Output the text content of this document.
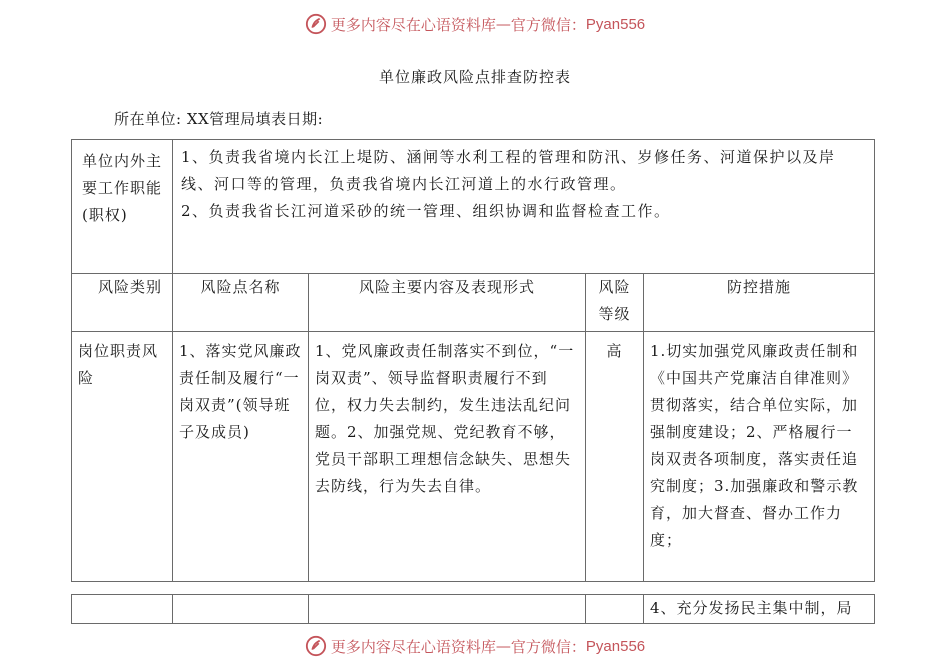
更多内容尽在心语资料库 — 官方微信： Pyan556
单位廉政风险点排查防控表
所在单位: XX管理局填表日期:
单位内外主要工作职能(职权)	1、负责我省境内长江上堤防、涵闸等水利工程的管理和防汛、岁修任务、河道保护以及岸线、河口等的管理，负责我省境内长江河道上的水行政管理。
2、负责我省长江河道采砂的统一管理、组织协调和监督检查工作。			

风险类别	风险点名称	风险主要内容及表现形式	风险等级	防控措施
岗位职责风险	1、落实党风廉政责任制及履行“一岗双责”(领导班子及成员)	1、党风廉政责任制落实不到位，“一岗双责”、领导监督职责履行不到位，权力失去制约，发生违法乱纪问题。2、加强党规、党纪教育不够，党员干部职工理想信念缺失、思想失去防线，行为失去自律。	高	1.切实加强党风廉政责任制和《中国共产党廉洁自律准则》贯彻落实，结合单位实际，加强制度建设；2、严格履行一岗双责各项制度，落实责任追究制度；3.加强廉政和警示教育，加大督查、督办工作力度；
				4、充分发扬民主集中制，局
更多内容尽在心语资料库 — 官方微信： Pyan556
